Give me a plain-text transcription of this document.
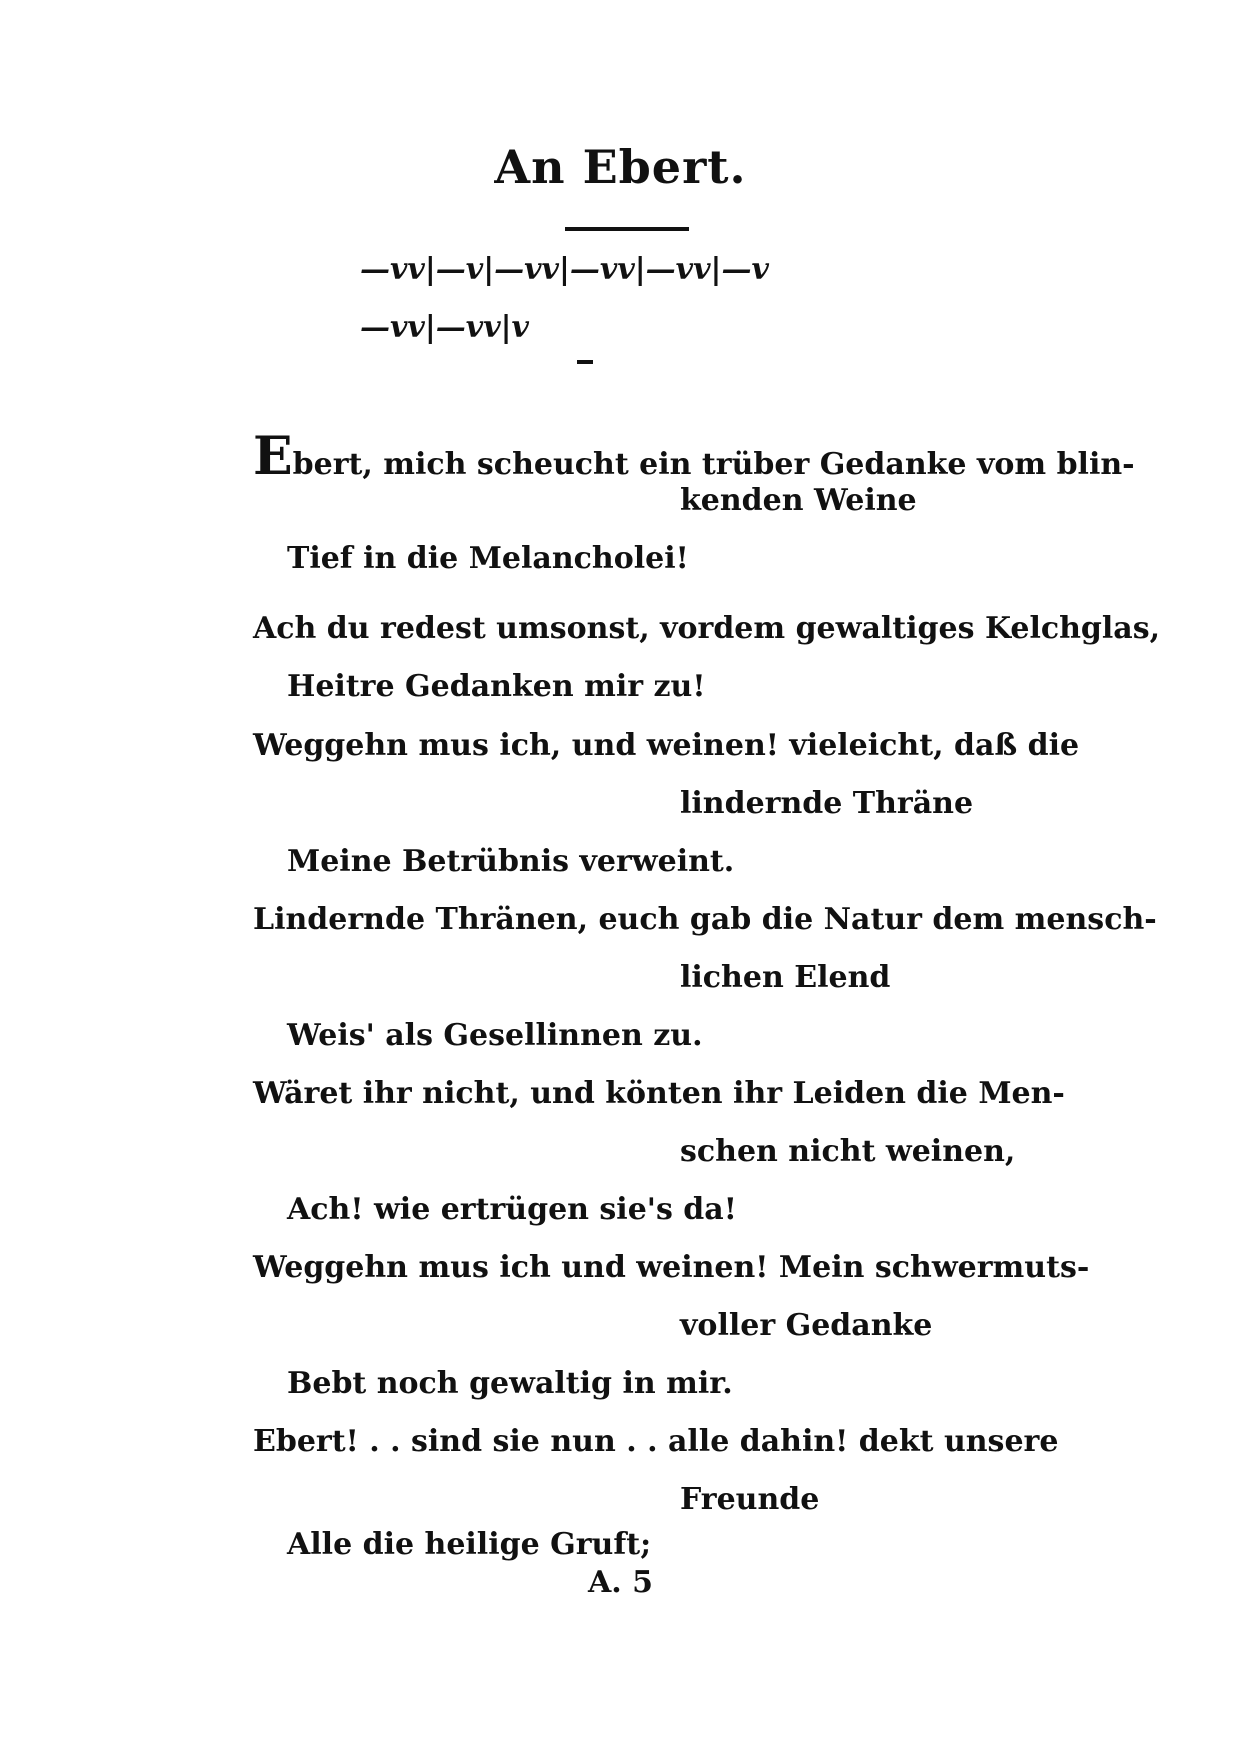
An Ebert.
—vv|—v|—vv|—vv|—vv|—v
—vv|—vv|v
Ebert, mich scheucht ein trüber Gedanke vom blin-
kenden Weine
Tief in die Melancholei!
Ach du redest umsonst, vordem gewaltiges Kelchglas,
Heitre Gedanken mir zu!
Weggehn mus ich, und weinen! vieleicht, daß die
lindernde Thräne
Meine Betrübnis verweint.
Lindernde Thränen, euch gab die Natur dem mensch-
lichen Elend
Weis' als Gesellinnen zu.
Wäret ihr nicht, und könten ihr Leiden die Men-
schen nicht weinen,
Ach! wie ertrügen sie's da!
Weggehn mus ich und weinen! Mein schwermuts-
voller Gedanke
Bebt noch gewaltig in mir.
Ebert! . . sind sie nun . . alle dahin! dekt unsere
Freunde
Alle die heilige Gruft;
A. 5
